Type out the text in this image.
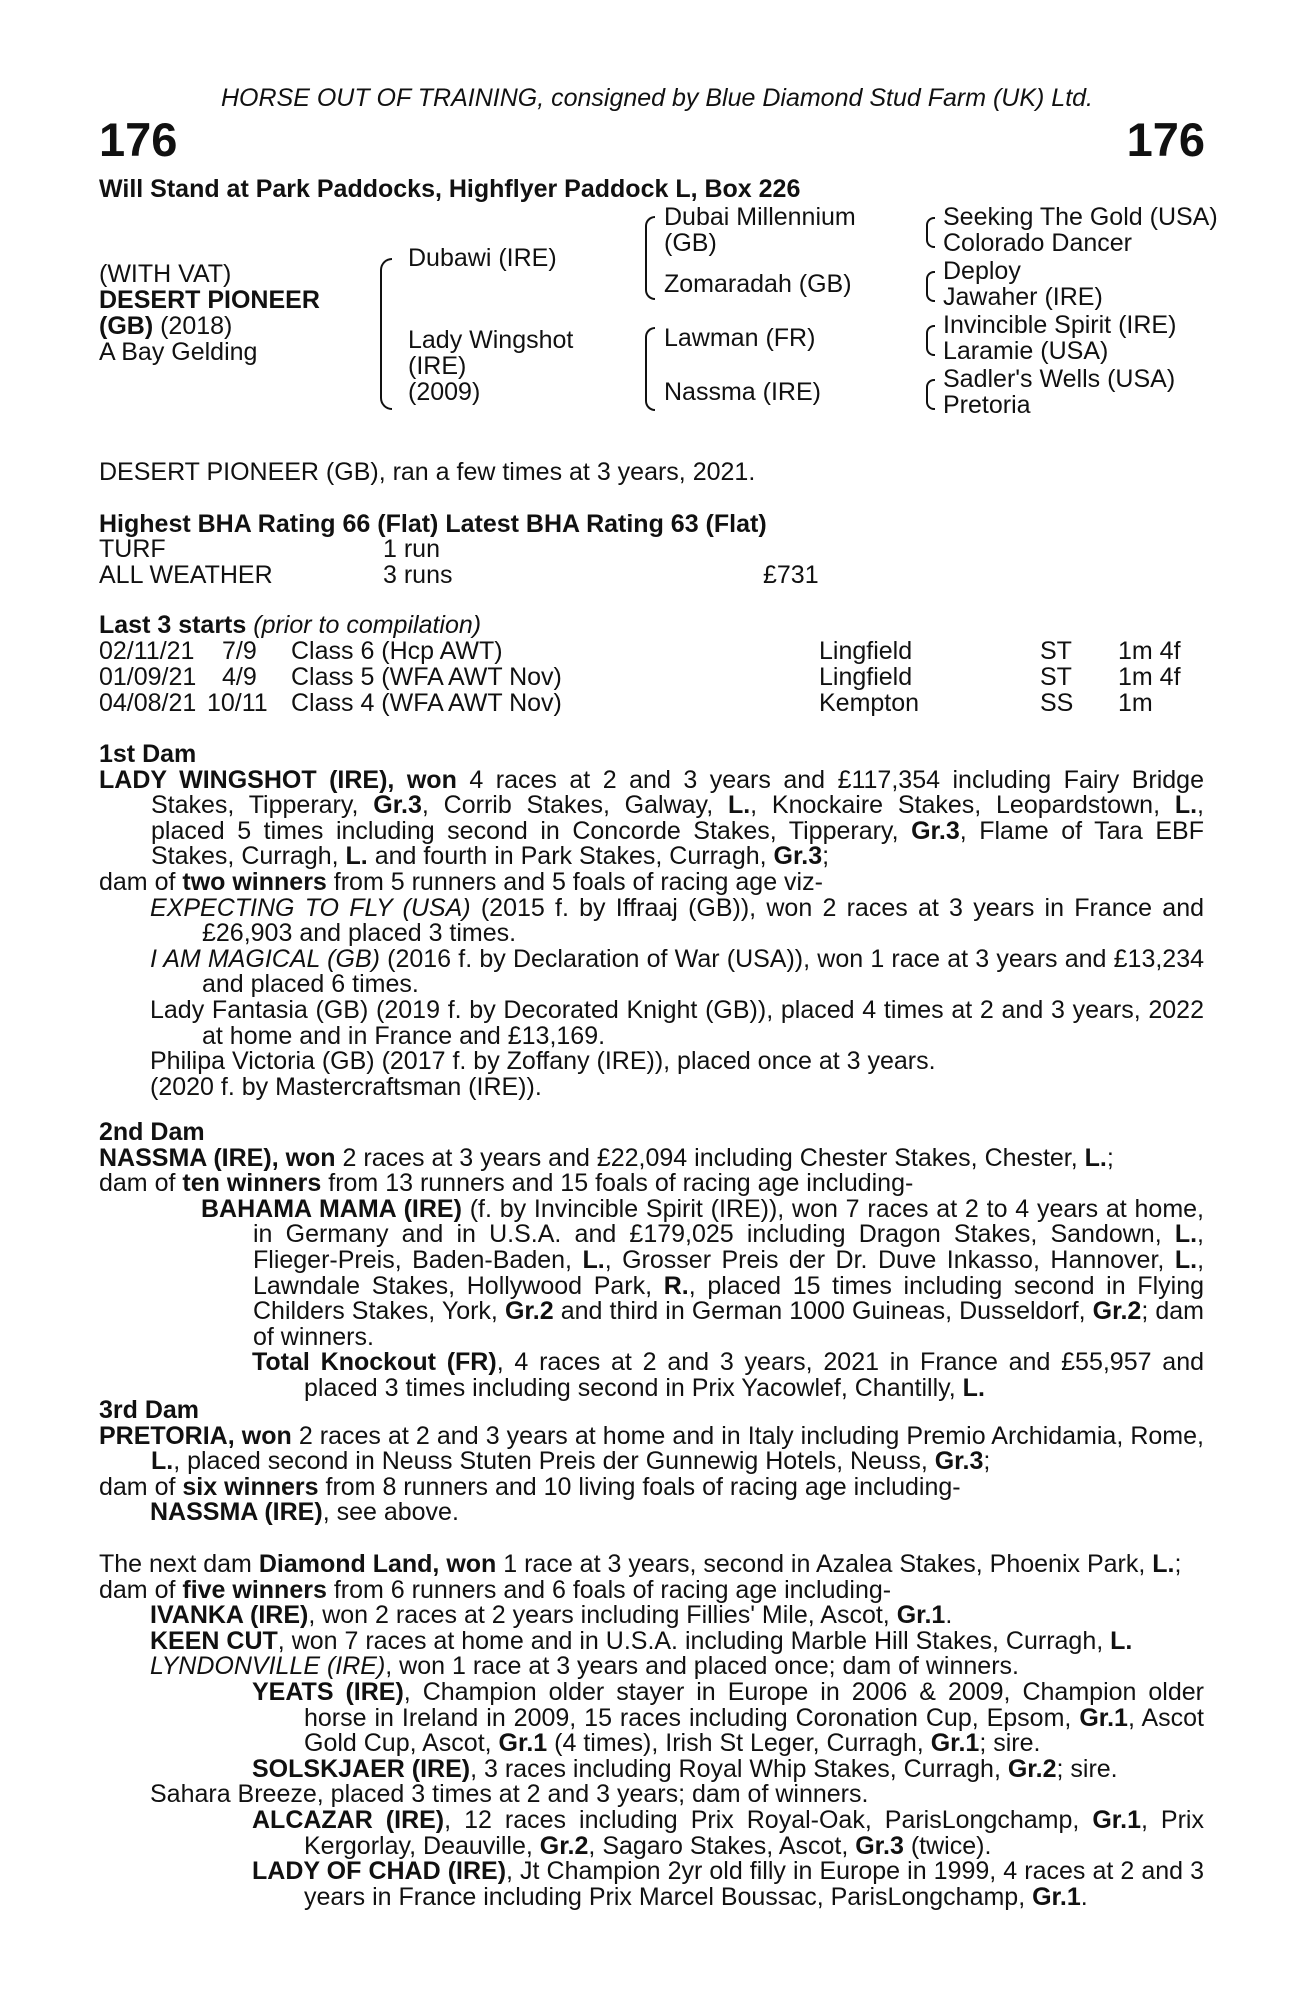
HORSE OUT OF TRAINING, consigned by Blue Diamond Stud Farm (UK) Ltd.
176	176
Will Stand at Park Paddocks, Highflyer Paddock L, Box 226
(WITH VAT)
DESERT PIONEER
(GB) (2018)
A Bay Gelding
Dubawi (IRE)
Lady Wingshot
(IRE)
(2009)
Dubai Millennium
(GB)
Zomaradah (GB)
Lawman (FR)
Nassma (IRE)
Seeking The Gold (USA)
Colorado Dancer
Deploy
Jawaher (IRE)
Invincible Spirit (IRE)
Laramie (USA)
Sadler's Wells (USA)
Pretoria
DESERT PIONEER (GB), ran a few times at 3 years, 2021.
Highest BHA Rating 66 (Flat) Latest BHA Rating 63 (Flat)
TURF	1 run
ALL WEATHER	3 runs	£731
Last 3 starts (prior to compilation)
02/11/21 7/9 Class 6 (Hcp AWT)	Lingfield	ST 1m 4f
01/09/21 4/9 Class 5 (WFA AWT Nov)	Lingfield	ST 1m 4f
04/08/21 10/11 Class 4 (WFA AWT Nov)	Kempton	SS 1m

1st Dam

LADY WINGSHOT (IRE), won 4 races at 2 and 3 years and £117,354 including Fairy Bridge Stakes, Tipperary, Gr.3, Corrib Stakes, Galway, L., Knockaire Stakes, Leopardstown, L., placed 5 times including second in Concorde Stakes, Tipperary, Gr.3, Flame of Tara EBF Stakes, Curragh, L. and fourth in Park Stakes, Curragh, Gr.3;

dam of two winners from 5 runners and 5 foals of racing age viz-

EXPECTING TO FLY (USA) (2015 f. by Iffraaj (GB)), won 2 races at 3 years in France and £26,903 and placed 3 times.

I AM MAGICAL (GB) (2016 f. by Declaration of War (USA)), won 1 race at 3 years and £13,234 and placed 6 times.

Lady Fantasia (GB) (2019 f. by Decorated Knight (GB)), placed 4 times at 2 and 3 years, 2022 at home and in France and £13,169.

Philipa Victoria (GB) (2017 f. by Zoffany (IRE)), placed once at 3 years.

(2020 f. by Mastercraftsman (IRE)).

2nd Dam

NASSMA (IRE), won 2 races at 3 years and £22,094 including Chester Stakes, Chester, L.;

dam of ten winners from 13 runners and 15 foals of racing age including-

BAHAMA MAMA (IRE) (f. by Invincible Spirit (IRE)), won 7 races at 2 to 4 years at home, in Germany and in U.S.A. and £179,025 including Dragon Stakes, Sandown, L., Flieger-Preis, Baden-Baden, L., Grosser Preis der Dr. Duve Inkasso, Hannover, L., Lawndale Stakes, Hollywood Park, R., placed 15 times including second in Flying Childers Stakes, York, Gr.2 and third in German 1000 Guineas, Dusseldorf, Gr.2; dam of winners.

Total Knockout (FR), 4 races at 2 and 3 years, 2021 in France and £55,957 and placed 3 times including second in Prix Yacowlef, Chantilly, L.

3rd Dam

PRETORIA, won 2 races at 2 and 3 years at home and in Italy including Premio Archidamia, Rome, L., placed second in Neuss Stuten Preis der Gunnewig Hotels, Neuss, Gr.3;

dam of six winners from 8 runners and 10 living foals of racing age including-

NASSMA (IRE), see above.

The next dam Diamond Land, won 1 race at 3 years, second in Azalea Stakes, Phoenix Park, L.;

dam of five winners from 6 runners and 6 foals of racing age including-

IVANKA (IRE), won 2 races at 2 years including Fillies' Mile, Ascot, Gr.1.

KEEN CUT, won 7 races at home and in U.S.A. including Marble Hill Stakes, Curragh, L.

LYNDONVILLE (IRE), won 1 race at 3 years and placed once; dam of winners.

YEATS (IRE), Champion older stayer in Europe in 2006 & 2009, Champion older horse in Ireland in 2009, 15 races including Coronation Cup, Epsom, Gr.1, Ascot Gold Cup, Ascot, Gr.1 (4 times), Irish St Leger, Curragh, Gr.1; sire.

SOLSKJAER (IRE), 3 races including Royal Whip Stakes, Curragh, Gr.2; sire.

Sahara Breeze, placed 3 times at 2 and 3 years; dam of winners.

ALCAZAR (IRE), 12 races including Prix Royal-Oak, ParisLongchamp, Gr.1, Prix Kergorlay, Deauville, Gr.2, Sagaro Stakes, Ascot, Gr.3 (twice).

LADY OF CHAD (IRE), Jt Champion 2yr old filly in Europe in 1999, 4 races at 2 and 3 years in France including Prix Marcel Boussac, ParisLongchamp, Gr.1.
